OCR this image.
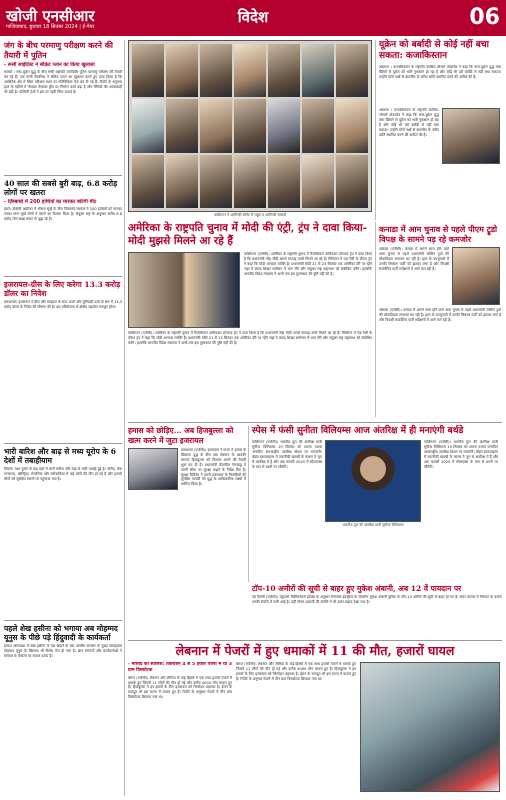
खोजी एनसीआर
गाज़ियाबाद, बुधवार 18 सितंबर 2024 | ई-पेपर
विदेश	06
जंग के बीच परमाणु परीक्षण करने की तैयारी में पुतिन
- रूसी साइंटिस्ट ने सीक्रेट प्लान का किया खुलासा
मास्को । रूस-यूक्रेन युद्ध के बीच रूसी राष्ट्रपति व्लादिमीर पुतिन परमाणु परीक्षण की तैयारी कर रहे हैं। एक रूसी वैज्ञानिक ने सीक्रेट प्लान का खुलासा करते हुए दावा किया है कि आर्कटिक क्षेत्र में स्थित परीक्षण स्थल पर गतिविधियां तेज कर दी गई हैं। रिपोर्ट के अनुसार हाल के महीनों में नोवाया जेमल्या द्वीप पर निर्माण कार्य बढ़ा है और सैनिकों की आवाजाही भी बढ़ी है। पश्चिमी देशों ने इस पर गहरी चिंता जताई है।
40 साल की सबसे बुरी बाढ़, 6.8 करोड़ लोगों पर खतरा
- ज़िम्बाब्वे में 200 हाथियों का मारकर बांटेगी मीट
हरारे। दक्षिणी अफ्रीका में भीषण सूखे के बीच जिम्बाब्वे सरकार ने 200 हाथियों को मारकर उनका मांस भूखे लोगों में बांटने का फैसला किया है। संयुक्त राष्ट्र के अनुसार करीब 6.8 करोड़ लोग खाद्य संकट से जूझ रहे हैं।
इजरायल-ग्रीस के लिए करेगा 13.3 करोड़ डॉलर का निवेश
यरूशलम। इजरायल ने ग्रीस और साइप्रस के साथ ऊर्जा और बुनियादी ढांचे के क्षेत्र में 13.3 करोड़ डॉलर के निवेश की घोषणा की है। इस परियोजना से क्षेत्रीय सहयोग मजबूत होगा।
भारी बारिश और बाढ़ से मध्य यूरोप के 6 देशों में तबाहीयाम
वियना। मध्य यूरोप के छह देशों में भारी बारिश और बाढ़ से भारी तबाही हुई है। पोलैंड, चेक गणराज्य, ऑस्ट्रिया, रोमानिया और स्लोवाकिया में कई लोगों की मौत हो गई है और हजारों लोगों को सुरक्षित स्थानों पर पहुंचाया गया है।
पहले शेख हसीना को भगाया अब मोहम्मद यूनुस के पीछे पड़े हिंदुवादी के कार्यकर्ता
ढाका। बांग्लादेश में शेख हसीना के देश छोड़ने के बाद अंतरिम सरकार के मुख्य सलाहकार मोहम्मद यूनुस के खिलाफ भी विरोध तेज हो गया है। छात्र संगठनों और कार्यकर्ताओं ने सरकार के फैसलों पर सवाल उठाए हैं।
वाशिंगटन में अमेरिकी सीनेट में राहुल व अमेरिकी सांसदों
यूक्रेन को बर्बादी से कोई नहीं बचा सकता: कजाकिस्तान
अस्ताना । कजाकिस्तान के राष्ट्रपति कासिम-जोमार्ट तोकायेव ने कहा कि रूस-यूक्रेन युद्ध लंबा खिंचने से यूक्रेन को भारी नुकसान हो रहा है और कोई भी उसे बर्बादी से नहीं बचा सकता। उन्होंने दोनों पक्षों से बातचीत के जरिए शांति स्थापित करने की अपील की है।
अस्ताना । कजाकिस्तान के राष्ट्रपति कासिम-जोमार्ट तोकायेव ने कहा कि रूस-यूक्रेन युद्ध लंबा खिंचने से यूक्रेन को भारी नुकसान हो रहा है और कोई भी उसे बर्बादी से नहीं बचा सकता। उन्होंने दोनों पक्षों से बातचीत के जरिए शांति स्थापित करने की अपील की है।
अमेरिका के राष्ट्रपति चुनाव में मोदी की एंट्री, ट्रंप ने दावा किया- मोदी मुझसे मिलने आ रहे हैं
वाशिंगटन (एजेंसी)। अमेरिका के राष्ट्रपति चुनाव में रिपब्लिकन उम्मीदवार डोनाल्ड ट्रंप ने दावा किया है कि प्रधानमंत्री नरेंद्र मोदी अगले सप्ताह उनसे मिलने आ रहे हैं। मिशिगन में एक रैली के दौरान ट्रंप ने कहा कि मोदी शानदार व्यक्ति हैं। प्रधानमंत्री मोदी 21 से 23 सितंबर तक अमेरिका दौरे पर रहेंगे जहां वे क्वाड शिखर सम्मेलन में भाग लेंगे और संयुक्त राष्ट्र महासभा को संबोधित करेंगे। हालांकि भारतीय विदेश मंत्रालय ने अभी तक इस मुलाकात की पुष्टि नहीं की है।
वाशिंगटन (एजेंसी)। अमेरिका के राष्ट्रपति चुनाव में रिपब्लिकन उम्मीदवार डोनाल्ड ट्रंप ने दावा किया है कि प्रधानमंत्री नरेंद्र मोदी अगले सप्ताह उनसे मिलने आ रहे हैं। मिशिगन में एक रैली के दौरान ट्रंप ने कहा कि मोदी शानदार व्यक्ति हैं। प्रधानमंत्री मोदी 21 से 23 सितंबर तक अमेरिका दौरे पर रहेंगे जहां वे क्वाड शिखर सम्मेलन में भाग लेंगे और संयुक्त राष्ट्र महासभा को संबोधित करेंगे। हालांकि भारतीय विदेश मंत्रालय ने अभी तक इस मुलाकात की पुष्टि नहीं की है।
कनाडा में आम चुनाव से पहले पीएम ट्रूडो विपक्ष के सामने पड़ रहे कमजोर
ओटावा (एजेंसी)। कनाडा में अगले साल होने वाले आम चुनाव से पहले प्रधानमंत्री जस्टिन ट्रूडो की लोकप्रियता लगातार घट रही है। हाल के उपचुनावों में उनकी लिबरल पार्टी को झटका लगा है और विपक्षी कंजर्वेटिव पार्टी सर्वेक्षणों में आगे चल रही है।
ओटावा (एजेंसी)। कनाडा में अगले साल होने वाले आम चुनाव से पहले प्रधानमंत्री जस्टिन ट्रूडो की लोकप्रियता लगातार घट रही है। हाल के उपचुनावों में उनकी लिबरल पार्टी को झटका लगा है और विपक्षी कंजर्वेटिव पार्टी सर्वेक्षणों में आगे चल रही है।
हमास को छोड़िए... अब हिजबुल्ला को खत्म करने में जुटा इजरायल
यरूशलम (एजेंसी)। इजरायल ने गाजा में हमास के खिलाफ युद्ध के बीच अब लेबनान के आतंकी संगठन हिजबुल्ला को निशाना बनाने की तैयारी शुरू कर दी है। प्रधानमंत्री बेंजामिन नेतन्याहू ने उत्तरी सीमा पर सुरक्षा बढ़ाने के निर्देश दिए हैं। सुरक्षा कैबिनेट ने उत्तरी इजरायल के निवासियों की सुरक्षित वापसी को युद्ध के आधिकारिक लक्ष्यों में शामिल किया है।
स्पेस में फंसी सुनीता विलियम्स आज अंतरिक्ष में ही मनाएंगी बर्थडे
वाशिंगटन (एजेंसी)। भारतीय मूल की अंतरिक्ष यात्री सुनीता विलियम्स 19 सितंबर को अपना 59वां जन्मदिन अंतरराष्ट्रीय अंतरिक्ष स्टेशन पर मनाएंगी। बोइंग स्टारलाइनर में तकनीकी खराबी के कारण वे जून से अंतरिक्ष में हैं और अब फरवरी 2025 में स्पेसएक्स के यान से धरती पर लौटेंगी।
भारतीय मूल की अंतरिक्ष यात्री सुनीता विलियम्स
वाशिंगटन (एजेंसी)। भारतीय मूल की अंतरिक्ष यात्री सुनीता विलियम्स 19 सितंबर को अपना 59वां जन्मदिन अंतरराष्ट्रीय अंतरिक्ष स्टेशन पर मनाएंगी। बोइंग स्टारलाइनर में तकनीकी खराबी के कारण वे जून से अंतरिक्ष में हैं और अब फरवरी 2025 में स्पेसएक्स के यान से धरती पर लौटेंगी।
टॉप-10 अमीरों की सूची से बाहर हुए मुकेश अंबानी, अब 12 वें पायदान पर
नई दिल्ली (एजेंसी)। ब्लूमबर्ग बिलियनेयर्स इंडेक्स के अनुसार रिलायंस इंडस्ट्रीज के चेयरमैन मुकेश अंबानी दुनिया के टॉप-10 अमीरों की सूची से बाहर हो गए हैं। शेयर बाजार में गिरावट के कारण उनकी संपत्ति में कमी आई है। वहीं गौतम अडाणी की संपत्ति में भी उतार-चढ़ाव देखा गया है।
लेबनान में पेजरों में हुए धमाकों में 11 की मौत, हजारों घायल
- मोसाद की साजिश: तकरीबन 4 से 5 हजार पेजरों में था 3 ग्राम विस्फोटक
बेरूत (एजेंसी)। लेबनान और सीरिया के कई हिस्सों में एक साथ हजारों पेजरों में धमाके हुए जिसमें 11 लोगों की मौत हो गई और करीब 4000 लोग घायल हुए हैं। हिजबुल्ला ने इन हमलों के लिए इजरायल को जिम्मेदार ठहराया है। ईरान के राजदूत भी इस घटना में घायल हुए हैं। रिपोर्ट के अनुसार पेजरों में तीन ग्राम विस्फोटक छिपाया गया था।
बेरूत (एजेंसी)। लेबनान और सीरिया के कई हिस्सों में एक साथ हजारों पेजरों में धमाके हुए जिसमें 11 लोगों की मौत हो गई और करीब 4000 लोग घायल हुए हैं। हिजबुल्ला ने इन हमलों के लिए इजरायल को जिम्मेदार ठहराया है। ईरान के राजदूत भी इस घटना में घायल हुए हैं। रिपोर्ट के अनुसार पेजरों में तीन ग्राम विस्फोटक छिपाया गया था।
